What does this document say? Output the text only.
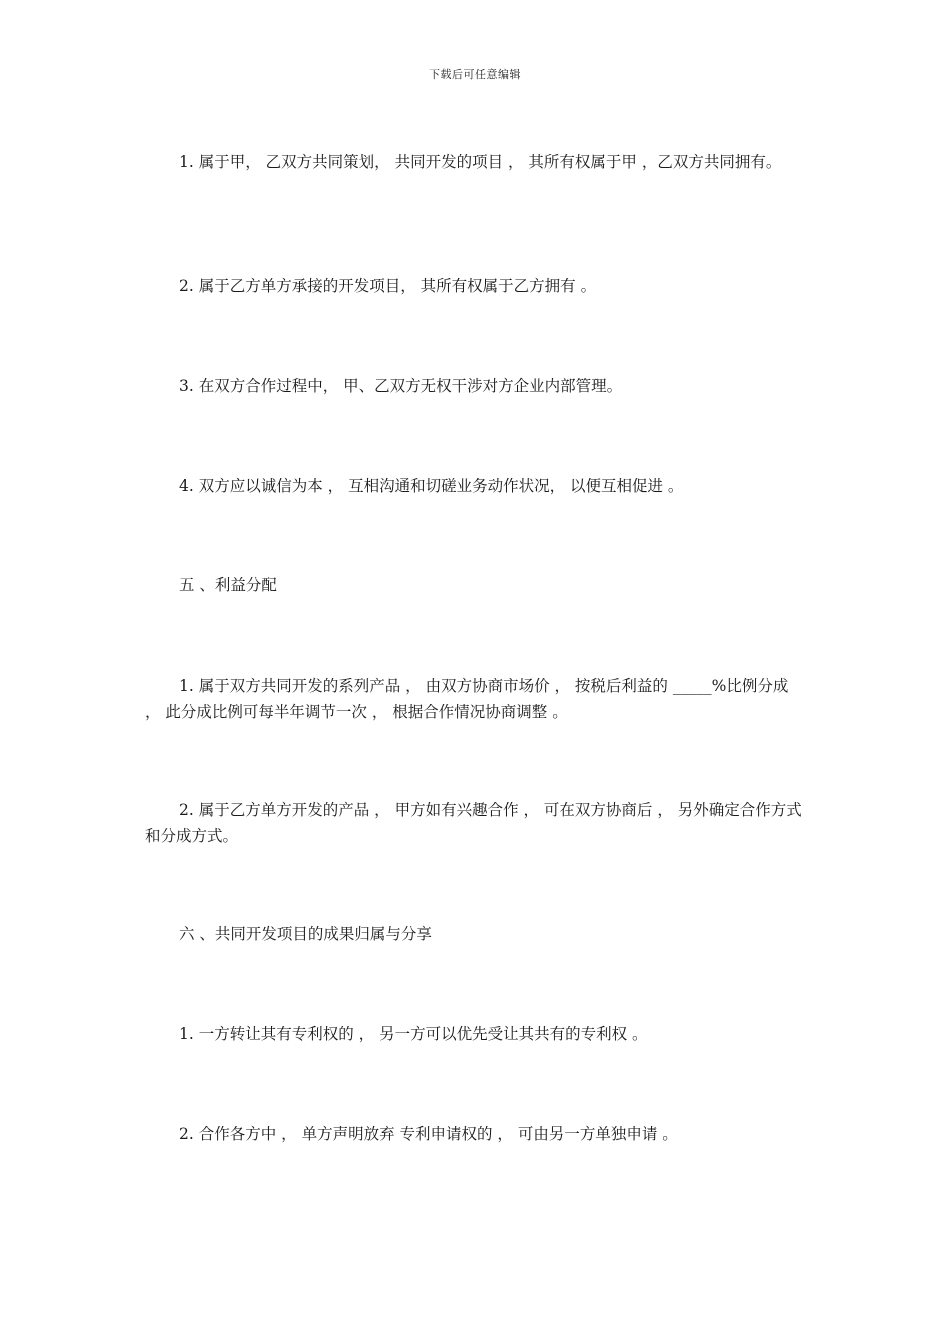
下载后可任意编辑
1. 属于甲， 乙双方共同策划， 共同开发的项目 ， 其所有权属于甲 ，乙双方共同拥有。
2. 属于乙方单方承接的开发项目， 其所有权属于乙方拥有 。
3. 在双方合作过程中， 甲、乙双方无权干涉对方企业内部管理。
4. 双方应以诚信为本 ， 互相沟通和切磋业务动作状况， 以便互相促进 。
五 、利益分配
1. 属于双方共同开发的系列产品 ， 由双方协商市场价 ， 按税后利益的 _____%比例分成 ， 此分成比例可每半年调节一次 ， 根据合作情况协商调整 。
2. 属于乙方单方开发的产品 ， 甲方如有兴趣合作 ， 可在双方协商后 ， 另外确定合作方式和分成方式。
六 、共同开发项目的成果归属与分享
1. 一方转让其有专利权的 ， 另一方可以优先受让其共有的专利权 。
2. 合作各方中 ， 单方声明放弃 专利申请权的 ， 可由另一方单独申请 。
